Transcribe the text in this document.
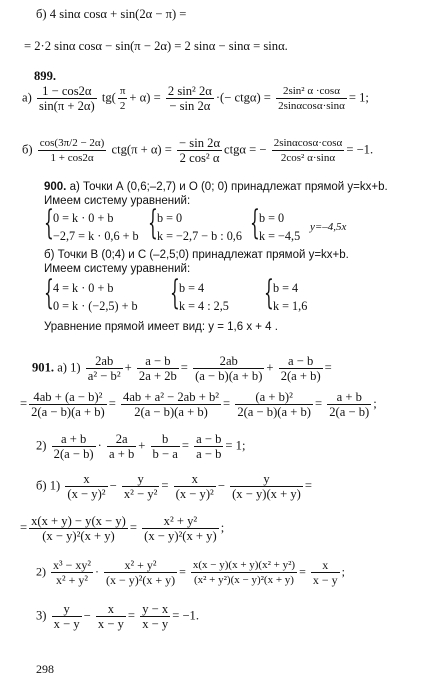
б) 4 sinα cosα + sin(2α − π) =
= 2·2 sinα cosα − sin(π − 2α) = 2 sinα − sinα = sinα.
899.
$а) \frac{1 - \cos 2\alpha}{\sin(\pi + 2\alpha)} tg( \frac{\pi}{2} + \alpha) = \frac{\text{2 sin² 2α}}{- \sin 2\alpha}$ ·(− $ctg\alpha) = \frac{\text{2sin² α ·cosα}}{2\sin\alpha\cos\alpha\cdot\sin\alpha} = 1$;
$б) \frac{\cos(3\pi/2 - 2\alpha)}{1 + \cos 2\alpha} ctg(\pi + \alpha) = \frac{- \sin 2\alpha}{\text{2 cos² α}}$ ctgα = − $\frac{2\sin\alpha\cos\alpha\cdot\cos\alpha}{\text{2cos² α·sinα}} = -1$.
900. а) Точки А (0,6;–2,7) и О (0; 0) принадлежат прямой y=kx+b.
Имеем систему уравнений:
{ 0 = k · 0 + b
−2,7 = k · 0,6 + b { b = 0
k = −2,7 − b : 0,6 { b = 0
k = −4,5
y=–4,5x
б) Точки В (0;4) и С (–2,5;0) принадлежат прямой y=kx+b.
Имеем систему уравнений:
{ 4 = k · 0 + b
0 = k · (−2,5) + b { b = 4
k = 4 : 2,5 { b = 4
k = 1,6
Уравнение прямой имеет вид: y = 1,6 x + 4 .
901. а) $1) \frac{2ab}{\text{a² − b²}} + \frac{a - b}{2a + 2b} = \frac{2ab}{(a - b)(a + b)} + \frac{a - b}{2(a + b)}$ =
= $\frac{\text{4ab + (a − b)²}}{2(a - b)(a + b)} = \frac{\text{4ab + a² − 2ab + b²}}{2(a - b)(a + b)} = \frac{\text{(a + b)²}}{2(a - b)(a + b)} = \frac{a + b}{2(a - b)}$ ;
$2) \frac{a + b}{2(a - b)} \cdot \frac{2a}{a + b} + \frac{b}{b - a} = \frac{a - b}{a - b} = 1$;
б) $1) \frac{x}{\text{(x − y)²}} - \frac{y}{\text{x² − y²}} = \frac{x}{\text{(x − y)²}} - \frac{y}{(x - y)(x + y)}$ =
= $\frac{x(x + y) - y(x - y)}{\text{(x − y)²(x + y)}} = \frac{\text{x² + y²}}{\text{(x − y)²(x + y)}}$ ;
$2) \frac{\text{x³ − xy²}}{\text{x² + y²}} \cdot \frac{\text{x² + y²}}{\text{(x − y)²(x + y)}} = \frac{\text{x(x − y)(x + y)(x² + y²)}}{\text{(x² + y²)(x − y)²(x + y)}} = \frac{x}{x - y}$ ;
$3) \frac{y}{x - y} - \frac{x}{x - y} = \frac{y - x}{x - y} = -1$.
298
